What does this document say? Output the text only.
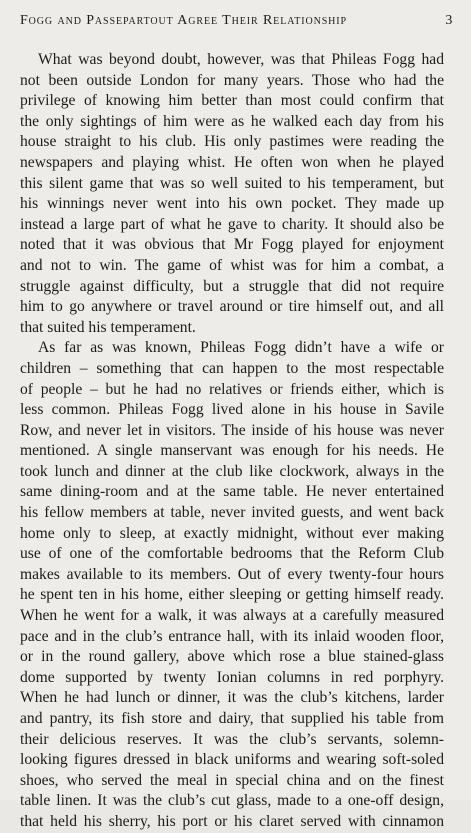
Fogg and Passepartout Agree Their Relationship	3
What was beyond doubt, however, was that Phileas Fogg had
not been outside London for many years. Those who had the
privilege of knowing him better than most could confirm that
the only sightings of him were as he walked each day from his
house straight to his club. His only pastimes were reading the
newspapers and playing whist. He often won when he played
this silent game that was so well suited to his temperament, but
his winnings never went into his own pocket. They made up
instead a large part of what he gave to charity. It should also be
noted that it was obvious that Mr Fogg played for enjoyment
and not to win. The game of whist was for him a combat, a
struggle against difficulty, but a struggle that did not require
him to go anywhere or travel around or tire himself out, and all
that suited his temperament.
As far as was known, Phileas Fogg didn’t have a wife or
children – something that can happen to the most respectable
of people – but he had no relatives or friends either, which is
less common. Phileas Fogg lived alone in his house in Savile
Row, and never let in visitors. The inside of his house was never
mentioned. A single manservant was enough for his needs. He
took lunch and dinner at the club like clockwork, always in the
same dining-room and at the same table. He never entertained
his fellow members at table, never invited guests, and went back
home only to sleep, at exactly midnight, without ever making
use of one of the comfortable bedrooms that the Reform Club
makes available to its members. Out of every twenty-four hours
he spent ten in his home, either sleeping or getting himself ready.
When he went for a walk, it was always at a carefully measured
pace and in the club’s entrance hall, with its inlaid wooden floor,
or in the round gallery, above which rose a blue stained-glass
dome supported by twenty Ionian columns in red porphyry.
When he had lunch or dinner, it was the club’s kitchens, larder
and pantry, its fish store and dairy, that supplied his table from
their delicious reserves. It was the club’s servants, solemn-
looking figures dressed in black uniforms and wearing soft-soled
shoes, who served the meal in special china and on the finest
table linen. It was the club’s cut glass, made to a one-off design,
that held his sherry, his port or his claret served with cinnamon
